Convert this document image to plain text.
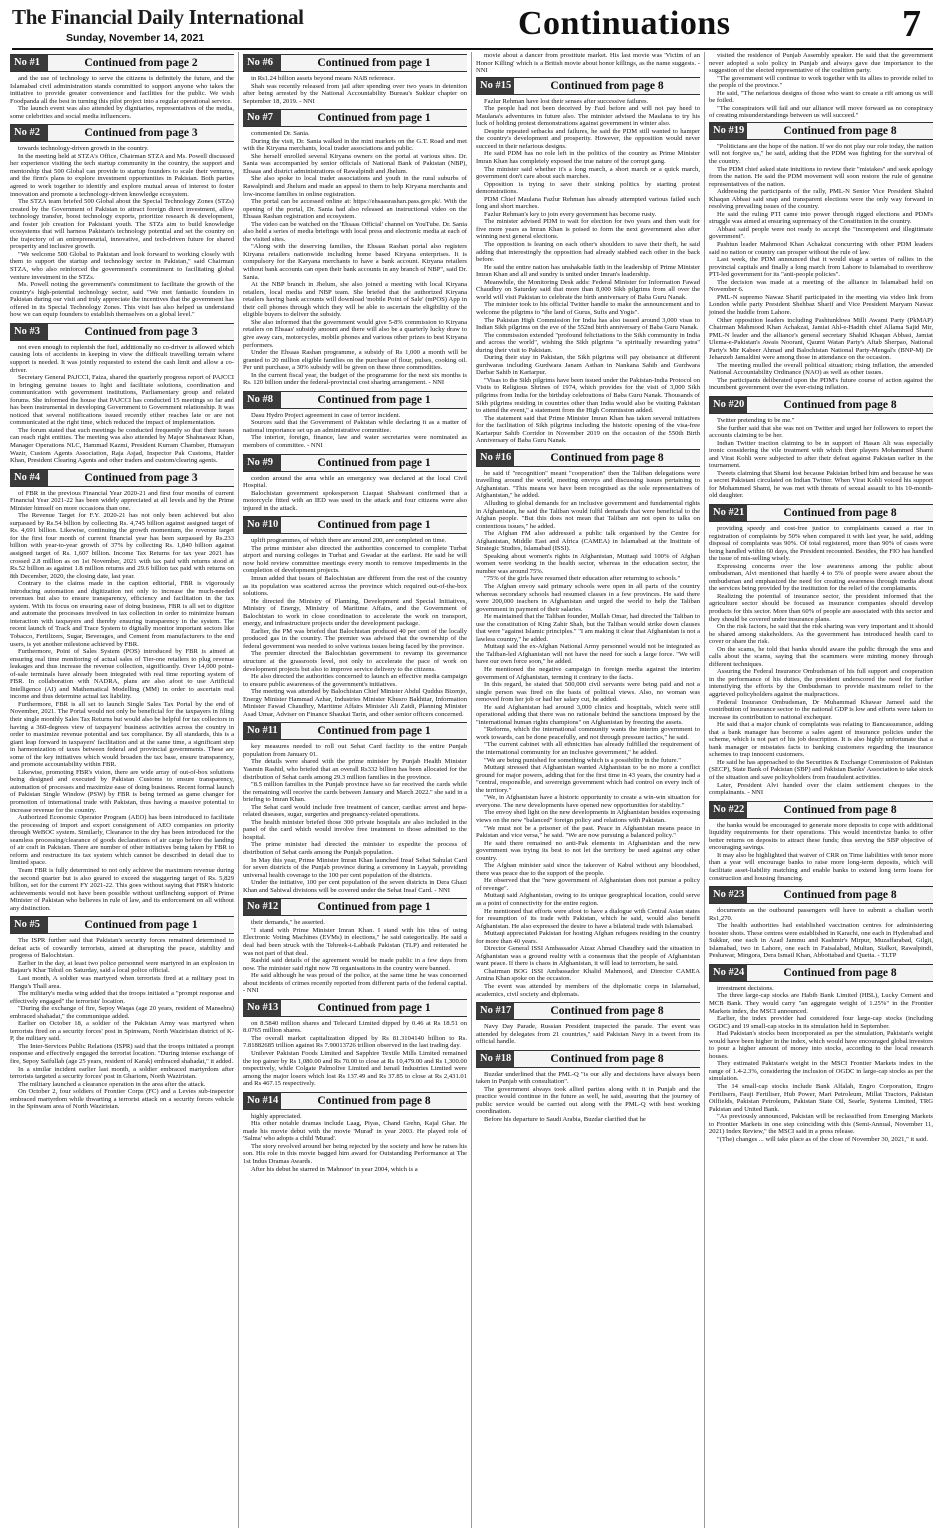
The Financial Daily International
Sunday, November 14, 2021	Continuations	7
No #1	Continued from page 2

and the use of technology to serve the citizens is definitely the future, and the Islamabad civil administration stands committed to support anyone who takes the initiative to provide greater convenience and facilities for the public. We wish Foodpanda all the best in turning this pilot project into a regular operational service.

The launch event was also attended by dignitaries, representatives of the media, some celebrities and social media influencers.

No #2	Continued from page 3

towards technology-driven growth in the country.

In the meeting held at STZA's Office, Chairman STZA and Ms. Powell discussed her experience visiting the tech startup community in the country, the support and mentorship that 500 Global can provide to startup founders to scale their ventures, and the firm's plans to explore investment opportunities in Pakistan. Both parties agreed to work together to identify and explore mutual areas of interest to foster innovation and promote a technology-driven knowledge ecosystem.

The STZA team briefed 500 Global about the Special Technology Zones (STZs) created by the Government of Pakistan to attract foreign direct investment, allow technology transfer, boost technology exports, prioritize research & development, and foster job creation for Pakistani youth. The STZs aim to build knowledge ecosystems that will harness Pakistan's technology potential and set the country on the trajectory of an entrepreneurial, innovative, and tech-driven future for shared prosperity and inclusive growth.

"We welcome 500 Global to Pakistan and look forward to working closely with them to support the startup and technology sector in Pakistan," said Chairman STZA, who also reinforced the government's commitment to facilitating global venture investment in the STZs.

Ms. Powell noting the government's commitment to facilitate the growth of the country's high-potential technology sector, said "We met fantastic founders in Pakistan during our visit and truly appreciate the incentives that the government has offered in its Special Technology Zones. This visit has also helped us understand how we can equip founders to establish themselves on a global level."

No #3	Continued from page 3

not even enough to replenish the fuel, additionally no co-driver is allowed which causing lots of accidents in keeping in view the difficult travelling terrain where support is needed. It was jointly requested to extend the cash limit and allow a co-driver.

Secretary General PAJCCI, Faiza, shared the quarterly progress report of PAJCCI in bringing genuine issues to light and facilitate solutions, coordination and communication with government institutions, Parliamentary group and related forums. She informed the house that PAJCCI has conducted 15 meetings so far and has been instrumental in developing Government to Government relationship. It was noticed that several notifications issued recently either reaches late or are not communicated at the right time, which reduced the impact of implementation.

The forum stated that such meetings be conducted frequently so that their issues can reach right entities. The meeting was also attended by Major Shahnawaz Khan, Manager Operations NLC, Hammad Kazmi, President Kurram Chamber, Humayun Wazir, Custom Agents Association, Raja Asjad, Inspector Pak Customs, Haider Khan, President Clearing Agents and other traders and custom/clearing agents.

No #4	Continued from page 3

of FBR in the previous Financial Year 2020-21 and first four months of current Financial Year 2021-22 has been widely appreciated at all levels and by the Prime Minister himself on more occasions than one.

The Revenue Target for F.Y. 2020-21 has not only been achieved but also surpassed by Rs.54 billion by collecting Rs. 4,745 billion against assigned target of Rs. 4,691 billion. Likewise, continuing the growth momentum, the revenue target for the first four month of current financial year has been surpassed by Rs.233 billion with year-to-year growth of 37% by collecting Rs. 1,840 billion against assigned target of Rs. 1,607 billion. Income Tax Returns for tax year 2021 has crossed 2.8 million as on 1st November, 2021 with tax paid with returns stood at Rs.52 billion as against 1.8 million returns and 29.6 billion tax paid with returns on 8th December, 2020, the closing date, last year.

Contrary to the claims made in the caption editorial, FBR is vigorously introducing automation and digitization not only to increase the much-needed revenues but also to ensure transparency, efficiency and facilitation in the tax system. With its focus on ensuring ease of doing business, FBR is all set to digitize and automate the processes involved in tax collection in order to minimize human interaction with taxpayers and thereby ensuring transparency in the system. The recent launch of Track and Trace System to digitally monitor important sectors like Tobacco, Fertilizers, Sugar, Beverages, and Cement from manufacturers to the end users, is yet another milestone achieved by FBR.

Furthermore, Point of Sales System (POS) introduced by FBR is aimed at ensuring real time monitoring of actual sales of Tier-one retailers to plug revenue leakages and thus increase the revenue collection, significantly. Over 14,000 point-of-sale terminals have already been integrated with real time reporting system of FBR. In collaboration with NADRA, plans are also afoot to use Artificial Intelligence (AI) and Mathematical Modelling (MM) in order to ascertain real income and thus determine actual tax liability.

Furthermore, FBR is all set to launch Single Sales Tax Portal by the end of November, 2021. The Portal would not only be beneficial for the taxpayers in filing their single monthly Sales Tax Returns but would also be helpful for tax collectors in having a 360-degrees view of taxpayers' business activities across the country in order to maximize revenue potential and tax compliance. By all standards, this is a giant leap forward in taxpayers' facilitation and at the same time, a significant step in harmonization of taxes between federal and provincial governments. These are some of the key initiatives which would broaden the tax base, ensure transparency, and promote accountability within FBR.

Likewise, promoting FBR's vision, there are wide array of out-of-box solutions being designed and executed by Pakistan Customs to ensure transparency, automation of processes and maximize ease of doing business. Recent formal launch of Pakistan Single Window (PSW) by FBR is being termed as game changer for promotion of international trade with Pakistan, thus having a massive potential to increase revenue for the country.

Authorized Economic Operator Program (AEO) has been introduced to facilitate the processing of import and export consignment of AEO companies on priority through WeBOC system. Similarly, Clearance in the dry has been introduced for the seamless processing/clearance of goods declarations of air cargo before the landing of air craft in Pakistan. There are number of other initiatives being taken by FBR to reform and restructure its tax system which cannot be described in detail due to limited space.

Team FBR is fully determined to not only achieve the maximum revenue during the second quarter but is also geared to exceed the staggering target of Rs. 5,829 billion, set for the current FY 2021-22. This goes without saying that FBR's historic achievements would not have been possible without unflinching support of Prime Minister of Pakistan who believes in rule of law, and its enforcement on all without any distinction.

No #5	Continued from page 1

The ISPR further said that Pakistan's security forces remained determined to defeat acts of cowardly terrorists, aimed at disrupting the peace, stability and progress of Balochistan.

Earlier in the day, at least two police personnel were martyred in an explosion in Bajaur's Khar Tehsil on Saturday, said a local police official.

Last month, A soldier was martyred when terrorists fired at a military post in Hangu's Thall area.

The military's media wing added that the troops initiated a "prompt response and effectively engaged" the terrorists' location.

"During the exchange of fire, Sepoy Waqas (age 20 years, resident of Mansehra) embraced shahadat," the communique added.

Earlier on October 18, a soldier of the Pakistan Army was martyred when terrorists fired on a security forces' post in Spinwam, North Waziristan district of K-P, the military said.

The Inter-Services Public Relations (ISPR) said that the troops initiated a prompt response and effectively engaged the terrorist location. "During intense exchange of fire, Sepoy Saifullah (age 25 years, resident of Karak) embraced shahadat," it added.

In a similar incident earlier last month, a soldier embraced martyrdom after terrorists targeted a security forces' post in Ghariom, North Waziristan.

The military launched a clearance operation in the area after the attack.

On October 2, four soldiers of Frontier Corps (FC) and a Levies sub-inspector embraced martyrdom while thwarting a terrorist attack on a security forces vehicle in the Spinwam area of North Waziristan.

No #6	Continued from page 1

in Rs1.24 billion assets beyond means NAB reference.

Shah was recently released from jail after spending over two years in detention after being arrested by the National Accountability Bureau's Sukkur chapter on September 18, 2019. - NNI

No #7	Continued from page 1

commented Dr. Sania.

During the visit, Dr. Sania walked in the mini markets on the G.T. Road and met with the Kiryana merchants, local trader associations and public.

She herself enrolled several Kiryana owners on the portal at various sites. Dr. Sania was accompanied by senior officials of National Bank of Pakistan (NBP), Ehsaas and district administrations of Rawalpindi and Jhelum.

She also spoke to local trader associations and youth in the rural suburbs of Rawalpindi and Jhelum and made an appeal to them to help Kiryana merchants and low-income families in online registration.

The portal can be accessed online at: https://ehsaasrashan.pass.gov.pk/. With the opening of the portal, Dr. Sania had also released an instructional video on the Ehsaas Rashan registration and ecosystem.

The video can be watched on the 'Ehsaas Official' channel on YouTube. Dr. Sania also held a series of media briefings with local press and electronic media at each of the visited sites.

"Along with the deserving families, the Ehsaas Rashan portal also registers Kiryana retailers nationwide including home based Kiryana enterprises. It is compulsory for the Karyana merchants to have a bank account. Kiryana retailers without bank accounts can open their bank accounts in any branch of NBP", said Dr. Sania.

At the NBP branch in Jhelum, she also joined a meeting with local Kiryana retailers, local media and NBP team. She briefed that the authorized Kiryana retailers having bank accounts will download 'mobile Point of Sale' (mPOS) App in their cell phones through which they will be able to ascertain the eligibility of the eligible buyers to deliver the subsidy.

She also informed that the government would give 5-8% commission to Kiryana retailers on Ehsaas' subsidy amount and there will also be a quarterly lucky draw to give away cars, motorcycles, mobile phones and various other prizes to best Kiryana performers.

Under the Ehsaas Rashan programme, a subsidy of Rs 1,000 a month will be granted to 20 million eligible families on the purchase of flour, pulses, cooking oil. Per unit purchase, a 30% subsidy will be given on these three commodities.

In the current fiscal year, the budget of the programme for the next six months is Rs. 120 billion under the federal-provincial cost sharing arrangement. - NNI

No #8	Continued from page 1

Dasu Hydro Project agreement in case of terror incident.

Sources said that the Government of Pakistan while declaring it as a matter of national importance set up an administrative committee.

The interior, foreign, finance, law and water secretaries were nominated as members of committee. - NNI

No #9	Continued from page 1

cordon around the area while an emergency was declared at the local Civil Hospital.

Balochistan government spokesperson Liaquat Shahwani confirmed that a motorcycle fitted with an IED was used in the attack and four citizens were also injured in the attack.

No #10	Continued from page 1

uplift programmes, of which there are around 200, are completed on time.

The prime minister also directed the authorities concerned to complete Turbat airport and nursing colleges in Turbat and Gwadar at the earliest. He said he will now hold review committee meetings every month to remove impediments in the completion of development projects.

Imran added that issues of Balochistan are different from the rest of the country as its population was scattered across the province which required out-of-the-box solutions.

He directed the Ministry of Planning, Development and Special Initiatives, Ministry of Energy, Ministry of Maritime Affairs, and the Government of Balochistan to work in close coordination to accelerate the work on transport, energy, and infrastructure projects under the development package.

Earlier, the PM was briefed that Balochistan produced 40 per cent of the locally produced gas in the country. The premier was advised that the ownership of the federal government was needed to solve various issues being faced by the province.

The premier directed the Balochistan government to revamp its governance structure at the grassroots level, not only to accelerate the pace of work on development projects but also to improve service delivery to the citizens.

He also directed the authorities concerned to launch an effective media campaign to ensure public awareness of the government's initiatives.

The meeting was attended by Balochistan Chief Minister Abdul Quddus Bizenjo, Energy Minister Hammad Azhar, Industries Minister Khusro Bakhtiar, Information Minister Fawad Chaudhry, Maritime Affairs Minister Ali Zaidi, Planning Minister Asad Umar, Adviser on Finance Shaukat Tarin, and other senior officers concerned.

No #11	Continued from page 1

key measures needed to roll out Sehat Card facility to the entire Punjab population from January 01.

The details were shared with the prime minister by Punjab Health Minister Yasmin Rashid, who briefed that an overall Rs332 billion has been allocated for the distribution of Sehat cards among 29.3 million families in the province.

"8.5 million families in the Punjab province have so far received the cards while the remaining will receive the cards between January and March 2022." she said in a briefing to Imran Khan.

The Sehat card would include free treatment of cancer, cardiac arrest and hepa-related diseases, sugar, surgeries and pregnancy-related operations.

The health minister briefed those 300 private hospitals are also included in the panel of the card which would involve free treatment to those admitted to the hospital.

The prime minister had directed the minister to expedite the process of distribution of Sehat cards among the Punjab population.

In May this year, Prime Minister Imran Khan launched Insaf Sehat Sahulat Card for seven districts of the Punjab province during a ceremony in Layyah, providing universal health coverage to the 100 per cent population of the districts.

Under the initiative, 100 per cent population of the seven districts in Dera Ghazi Khan and Sahiwal divisions will be covered under the Sehat Insaf Card. - NNI

No #12	Continued from page 1

their demands," he asserted.

"I stand with Prime Minister Imran Khan. I stand with his idea of using Electronic Voting Machines (EVMs) in elections," he said categorically. He said a deal had been struck with the Tehreek-i-Labbaik Pakistan (TLP) and reiterated he was not part of that deal.

Rashid said details of the agreement would be made public in a few days from now. The minister said right now 78 organisations in the country were banned.

He said although he was proud of the police, at the same time he was concerned about incidents of crimes recently reported from different parts of the federal capital. - NNI

No #13	Continued from page 1

on 8.5840 million shares and Telecard Limited dipped by 0.46 at Rs 18.51 on 8.0765 million shares.

The overall market capitalization dipped by Rs 81.3104140 billion to Rs. 7.81882685 trillion against Rs 7.90013726 trillion observed in the last trading day.

Unilever Pakistan Foods Limited and Sapphire Textile Mills Limited remained the top gainer by Rs 1,080.00 and Rs 70.00 to close at Rs 10,479.00 and Rs 1,300.00 respectively, while Colgate Palmolive Limited and Ismail Industries Limited were among the major losers which lost Rs 137.49 and Rs 37.85 to close at Rs 2,431.01 and Rs 467.15 respectively.

No #14	Continued from page 8

highly appreciated.

His other notable dramas include Laag, Piyas, Chand Grehn, Kajal Ghar. He made his movie debut with the movie 'Murad' in year 2003. He played role of 'Salma' who adopts a child 'Murad'.

The story revolved around her being rejected by the society and how he raises his son. His role in this movie bagged him award for Outstanding Performance at The 1st Indus Dramas Awards.

After his debut he starred in 'Mahnoor' in year 2004, which is a

movie about a dancer from prostitute market. His last movie was 'Victim of an Honor Killing' which is a British movie about honor killings, as the name suggests. - NNI

No #15	Continued from page 8

Fazlur Rehman have lost their senses after successive failures.

The people had not been deceived by Fazl before and will not pay heed to Maulana's adventures in future also. The minister advised the Maulana to try his luck of holding protest demonstrations against government in winter also.

Despite repeated setbacks and failures, he said the PDM still wanted to hamper the country's development and prosperity. However, the opposition would never succeed in their nefarious designs.

He said PDM has no role left in the politics of the country as Prime Minister Imran Khan has completely exposed the true nature of the corrupt gang.

The minister said whether it's a long march, a short march or a quick march, government don't care about such marches.

Opposition is trying to save their sinking politics by starting protest demonstrations.

PDM Chief Maulana Fazlur Rehman has already attempted various failed such long and short marches.

Fazlur Rehman's key to join every government has become rusty.

The minister advised PDM to wait for election for two years and then wait for five more years as Imran Khan is poised to form the next government also after winning next general elections.

The opposition is leaning on each other's shoulders to save their theft, he said adding that interestingly the opposition had already stabbed each other in the back before.

He said the entire nation has unshakable faith in the leadership of Prime Minister Imran Khan and all and sundry is united under Imran's leadership.

Meanwhile, the Monitoring Desk adds: Federal Minister for Information Fawad Chaudhry on Saturday said that more than 8,000 Sikh pilgrims from all over the world will visit Pakistan to celebrate the birth anniversary of Baba Guru Nanak.

The minister took to his official Twitter handle to make the announcement and to welcome the pilgrims to "the land of Gurus, Sufis and Yogis".

The Pakistan High Commission for India has also issued around 3,000 visas to Indian Sikh pilgrims on the eve of the 552nd birth anniversary of Baba Guru Nanak.

The commission extended "profound felicitations to the Sikh community in India and across the world", wishing the Sikh pilgrims "a spiritually rewarding yatra" during their visit to Pakistan.

During their stay in Pakistan, the Sikh pilgrims will pay obeisance at different gurdwaras including Gurdwara Janam Asthan in Nankana Sahib and Gurdwara Darbar Sahib in Kartarpur.

"Visas to the Sikh pilgrims have been issued under the Pakistan-India Protocol on Visits to Religious Shrines of 1974, which provides for the visit of 3,000 Sikh pilgrims from India for the birthday celebrations of Baba Guru Nanak. Thousands of Sikh pilgrims residing in countries other than India would also be visiting Pakistan to attend the event," a statement from the High Commission added.

The statement said that Prime Minister Imran Khan has taken several initiatives for the facilitation of Sikh pilgrims including the historic opening of the visa-free Kartarpur Sahib Corridor in November 2019 on the occasion of the 550th Birth Anniversary of Baba Guru Nanak.

No #16	Continued from page 8

he said if "recognition" meant "cooperation" then the Taliban delegations were travelling around the world, meeting envoys and discussing issues pertaining to Afghanistan. "This means we have been recognised as the sole representatives of Afghanistan," he added.

Alluding to global demands for an inclusive government and fundamental rights in Afghanistan, he said the Taliban would fulfil demands that were beneficial to the Afghan people. "But this does not mean that Taliban are not open to talks on contentious issues," he added.

The Afghan FM also addressed a public talk organised by the Centre for Afghanistan, Middle East and Africa (CAMEA) in Islamabad at the Institute of Strategic Studies, Islamabad (ISSI).

Speaking about women's rights in Afghanistan, Muttaqi said 100% of Afghan women were working in the health sector, whereas in the education sector, the number was around 75%.

"75% of the girls have resumed their education after returning to schools."

The Afghan envoy said primary schools were open in all parts of the country whereas secondary schools had resumed classes in a few provinces. He said there were 200,000 teachers in Afghanistan and urged the world to help the Taliban government in payment of their salaries.

He maintained that the Taliban founder, Mullah Omar, had directed the Taliban to use the constitution of King Zahir Shah, but the Taliban would strike down clauses that were "against Islamic principles." "I am making it clear that Afghanistan is not a lawless country," he added.

Muttaqi said the ex-Afghan National Army personnel would not be integrated as the Taliban-led Afghanistan will not have the need for such a large force. "We will have our own force soon," he added.

He mentioned the negative campaign in foreign media against the interim government of Afghanistan, terming it contrary to the facts.

In this regard, he stated that 500,000 civil servants were being paid and not a single person was fired on the basis of political views. Also, no woman was removed from her job or had her salary cut, he added.

He said Afghanistan had around 3,000 clinics and hospitals, which were still operational adding that there was no rationale behind the sanctions imposed by the "international human rights champions" on Afghanistan by freezing the assets.

"Reforms, which the international community wants the interim government to work towards, can be done peacefully, and not through pressure tactics," he said.

"The current cabinet with all ethnicities has already fulfilled the requirement of the international community for an inclusive government," he added.

"We are being punished for something which is a possibility in the future."

Muttaqi stressed that Afghanistan wanted Afghanistan to be no more a conflict ground for major powers, adding that for the first time in 43 years, the country had a "central, responsible, and sovereign government which had control on every inch of the territory."

"We, in Afghanistan have a historic opportunity to create a win-win situation for everyone. The new developments have opened new opportunities for stability."

The envoy shed light on the new developments in Afghanistan besides expressing views on the new "balanced" foreign policy and relations with Pakistan.

"We must not be a prisoner of the past. Peace in Afghanistan means peace in Pakistan and vice versa," he said. "We are now pursuing a balanced policy."

He said there remained no anti-Pak elements in Afghanistan and the new government was trying its best to not let the territory be used against any other country.

The Afghan minister said since the takeover of Kabul without any bloodshed, there was peace due to the support of the people.

He observed that the "new government of Afghanistan does not pursue a policy of revenge".

Muttaqi said Afghanistan, owing to its unique geographical location, could serve as a point of connectivity for the entire region.

He mentioned that efforts were afoot to have a dialogue with Central Asian states for resumption of its trade with Pakistan, which he said, would also benefit Afghanistan. He also expressed the desire to have a bilateral trade with Islamabad.

Muttaqi appreciated Pakistan for hosting Afghan refugees residing in the country for more than 40 years.

Director General ISSI Ambassador Aizaz Ahmad Chaudhry said the situation in Afghanistan was a ground reality with a consensus that the people of Afghanistan want peace. If there is chaos in Afghanistan, it will lead to terrorism, he said.

Chairman BOG ISSI Ambassador Khalid Mahmood, and Director CAMEA Amina Khan spoke on the occasion.

The event was attended by members of the diplomatic corps in Islamabad, academics, civil society and diplomats.

No #17	Continued from page 8

Navy Day Parade, Russian President inspected the parade. The event was attended by delegates from 21 countries," said Pakistan Navy in a tweet from its official handle.

No #18	Continued from page 8

Buzdar underlined that the PML-Q "is our ally and decisions have always been taken in Punjab with consultation".

The government always took allied parties along with it in Punjab and the practice would continue in the future as well, he said, assuring that the journey of public service would be carried out along with the PML-Q with best working coordination.

Before his departure to Saudi Arabia, Buzdar clarified that he

visited the residence of Punjab Assembly speaker. He said that the government never adopted a solo policy in Punjab and always gave due importance to the suggestion of the elected representative of the coalition party.

"The government will continue to work together with its allies to provide relief to the people of the province."

He said, "The nefarious designs of those who want to create a rift among us will be foiled.

"The conspirators will fail and our alliance will move forward as no conspiracy of creating misunderstandings between us will succeed."

No #19	Continued from page 8

"Politicians are the hope of the nation. If we do not play our role today, the nation will not forgive us," he said, adding that the PDM was fighting for the survival of the country.

The PDM chief asked state intuitions to review their "mistakes" and seek apology from the nation. He said the PDM movement will soon restore the rule of genuine representatives of the nation.

Addressing the participants of the rally, PML-N Senior Vice President Shahid Khaqan Abbasi said snap and transparent elections were the only way forward in resolving prevailing issues of the country.

He said the ruling PTI came into power through rigged elections and PDM's struggle was aimed at ensuring supremacy of the Constitution in the country.

Abbasi said people were not ready to accept the "incompetent and illegitimate government".

Pashtun leader Mahmood Khan Achakzai concurring with other PDM leaders said no nation or country can prosper without the rule of law.

Last week, the PDM announced that it would stage a series of rallies in the provincial capitals and finally a long march from Lahore to Islamabad to overthrow PTI-led government for its "anti-people policies".

The decision was made at a meeting of the alliance in Islamabad held on November 6.

PML-N supremo Nawaz Sharif participated in the meeting via video link from London while party President Shehbaz Sharif and Vice President Maryam Nawaz joined the huddle from Lahore.

Other opposition leaders including Pashtunkhwa Milli Awami Party (PkMAP) Chairman Mahmood Khan Achakzai, Jamiat Ahl-e-Hadith chief Allama Sajid Mir, PML-N leader and the alliance's general secretary Shahid Khaqan Abbasi, Jamiat Ulema-e-Pakistan's Awais Noorani, Qaumi Watan Party's Aftab Sherpao, National Party's Mir Kabeer Ahmad and Balochistan National Party-Mengal's (BNP-M) Dr Jehanzeb Jamaldini were among those in attendance on the occasion.

The meeting mulled the overall political situation; rising inflation, the amended National Accountability Ordinance (NAO) as well as other issues.

The participants deliberated upon the PDM's future course of action against the incumbent government over the ever-rising inflation.

No #20	Continued from page 8

Twitter pretending to be me."

She further said that she was not on Twitter and urged her followers to report the accounts claiming to be her.

Indian Twitter traction claiming to be in support of Hasan Ali was especially ironic considering the vile treatment with which their players Mohammed Shami and Virat Kohli were subjected to after their defeat against Pakistan earlier in the tournament.

Tweets claiming that Shami lost because Pakistan bribed him and because he was a secret Pakistani circulated on Indian Twitter. When Virat Kohli voiced his support for Mohammed Shami, he was met with threats of sexual assault to his 10-month-old daughter.

No #21	Continued from page 8

providing speedy and cost-free justice to complainants caused a rise in registration of complaints by 50% when compared it with last year, he said, adding disposal of complaints was 90%. Of total registered, more than 90% of cases were being handled within 60 days, the President recounted. Besides, the FIO has handled the issue of mis-selling wisely.

Expressing concerns over the low awareness among the public about ombudsman, Alvi mentioned that hardly 4 to 5% of people were aware about the ombudsman and emphasized the need for creating awareness through media about the services being provided by the institution for the relief of the complainants.

Realizing the potential of insurance sector, the president informed that the agriculture sector should be focused as insurance companies should develop products for this sector. More than 60% of people are associated with this sector and they should be covered under insurance plans.

On the risk factors, he said that the risk sharing was very important and it should be shared among stakeholders. As the government has introduced health card to cover or share the risk.

On the scams, he told that banks should aware the public through the sms and calls about the scams, saying that the scammers were minting money through different techniques.

Assuring the Federal Insurance Ombudsman of his full support and cooperation in the performance of his duties, the president underscored the need for further intensifying the efforts by the Ombudsman to provide maximum relief to the aggrieved policyholders against the malpractices.

Federal Insurance Ombudsman, Dr Muhammad Khawar Jameel said the contribution of insurance sector to the national GDP is low and efforts were taken to increase its contribution to national exchequer.

He said that a major chunk of complaints was relating to Bancassurance, adding that a bank manager has become a sales agent of insurance policies under the scheme, which is not part of his job description. It is also highly unfortunate that a bank manager or misstates facts to banking customers regarding the insurance schemes to trap innocent customers.

He said he has approached to the Securities & Exchange Commission of Pakistan (SECP), State Bank of Pakistan (SBP) and Pakistan Banks' Association to take stock of the situation and save policyholders from fraudulent activities.

Later, President Alvi handed over the claim settlement cheques to the complainants. - NNI

No #22	Continued from page 8

the banks would be encouraged to generate more deposits to cope with additional liquidity requirements for their operations. This would incentivize banks to offer better returns on deposits to attract these funds; thus serving the SBP objective of encouraging savings.

It may also be highlighted that waiver of CRR on Time liabilities with tenor more than a year will encourage banks to raise more long-term deposits, which will facilitate asset-liability matching and enable banks to extend long term loans for construction and housing financing.

No #23	Continued from page 8

documents as the outbound passengers will have to submit a challan worth Rs1,270.

The health authorities had established vaccination centres for administering booster shots. These centres were established in Karachi, one each in Hyderabad and Sukkur, one each in Azad Jammu and Kashmir's Mirpur, Muzaffarabad, Gilgit, Islamabad, two in Lahore, one each in Faisalabad, Multan, Sialkot, Rawalpindi, Peshawar, Mingora, Dera Ismail Khan, Abbottabad and Quetta. - TLTP

No #24	Continued from page 8

investment decisions.

The three large-cap stocks are Habib Bank Limited (HBL), Lucky Cement and MCB Bank. They would carry "an aggregate weight of 1.25%" in the Frontier Markets index, the MSCI announced.

Earlier, the index provider had considered four large-cap stocks (including OGDC) and 19 small-cap stocks in its simulation held in September.

Had Pakistan's stocks been incorporated as per the simulation, Pakistan's weight would have been higher in the index, which would have encouraged global investors to pour a higher amount of money into stocks, according to the local research houses.

They estimated Pakistan's weight in the MSCI Frontier Markets index in the range of 1.4-2.3%, considering the inclusion of OGDC in large-cap stocks as per the simulation.

The 14 small-cap stocks include Bank Alfalah, Engro Corporation, Engro Fertilisers, Fauji Fertiliser, Hub Power, Mari Petroleum, Millat Tractors, Pakistan Oilfields, Pakistan Petroleum, Pakistan State Oil, Searle, Systems Limited, TRG Pakistan and United Bank.

"As previously announced, Pakistan will be reclassified from Emerging Markets to Frontier Markets in one step coinciding with this (Semi-Annual, November 11, 2021) Index Review," the MSCI said in a press release.

"(The) changes ... will take place as of the close of November 30, 2021," it said.
